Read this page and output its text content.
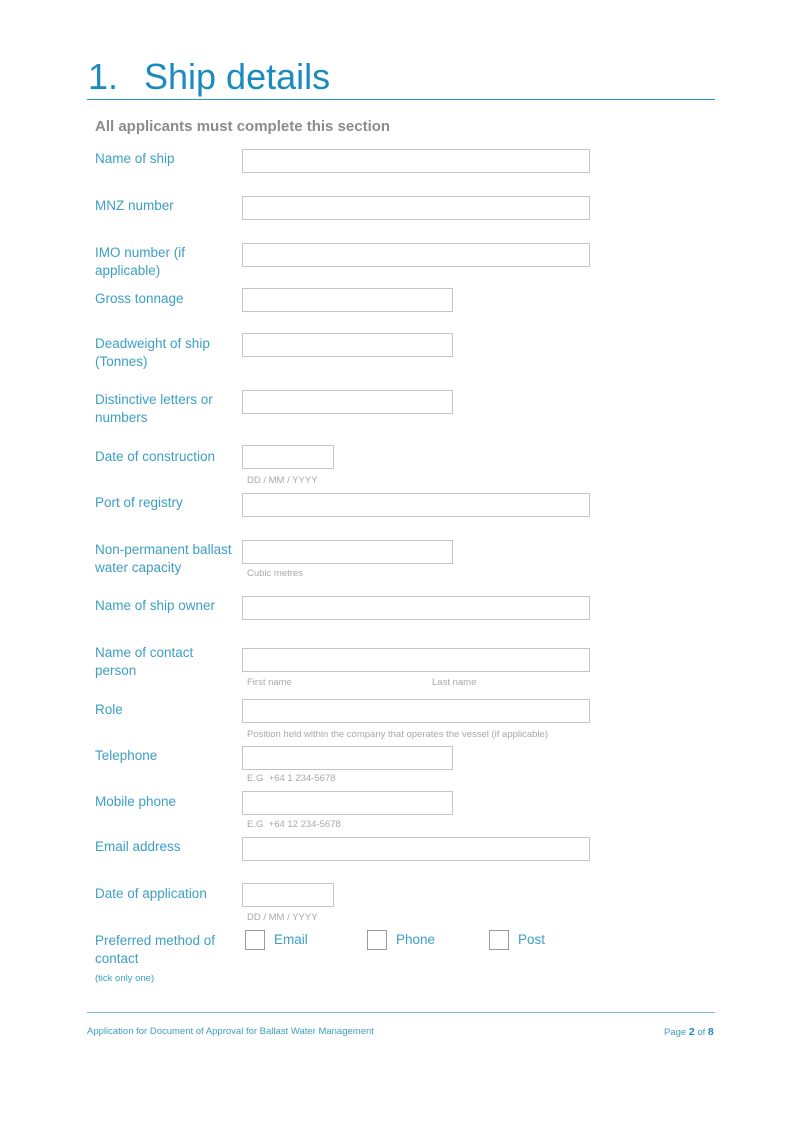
1. Ship details
All applicants must complete this section
Name of ship
MNZ number
IMO number (if applicable)
Gross tonnage
Deadweight of ship (Tonnes)
Distinctive letters or numbers
Date of construction
DD / MM / YYYY
Port of registry
Non-permanent ballast water capacity	Cubic metres
Name of ship owner
Name of contact person
First name	Last name
Role
Position held within the company that operates the vessel (if applicable)
Telephone
E.G  +64 1 234-5678
Mobile phone
E.G  +64 12 234-5678
Email address
Date of application
DD / MM / YYYY
Preferred method of contact
(tick only one)
Email	Phone	Post
Application for Document of Approval for Ballast Water Management	Page 2 of 8
